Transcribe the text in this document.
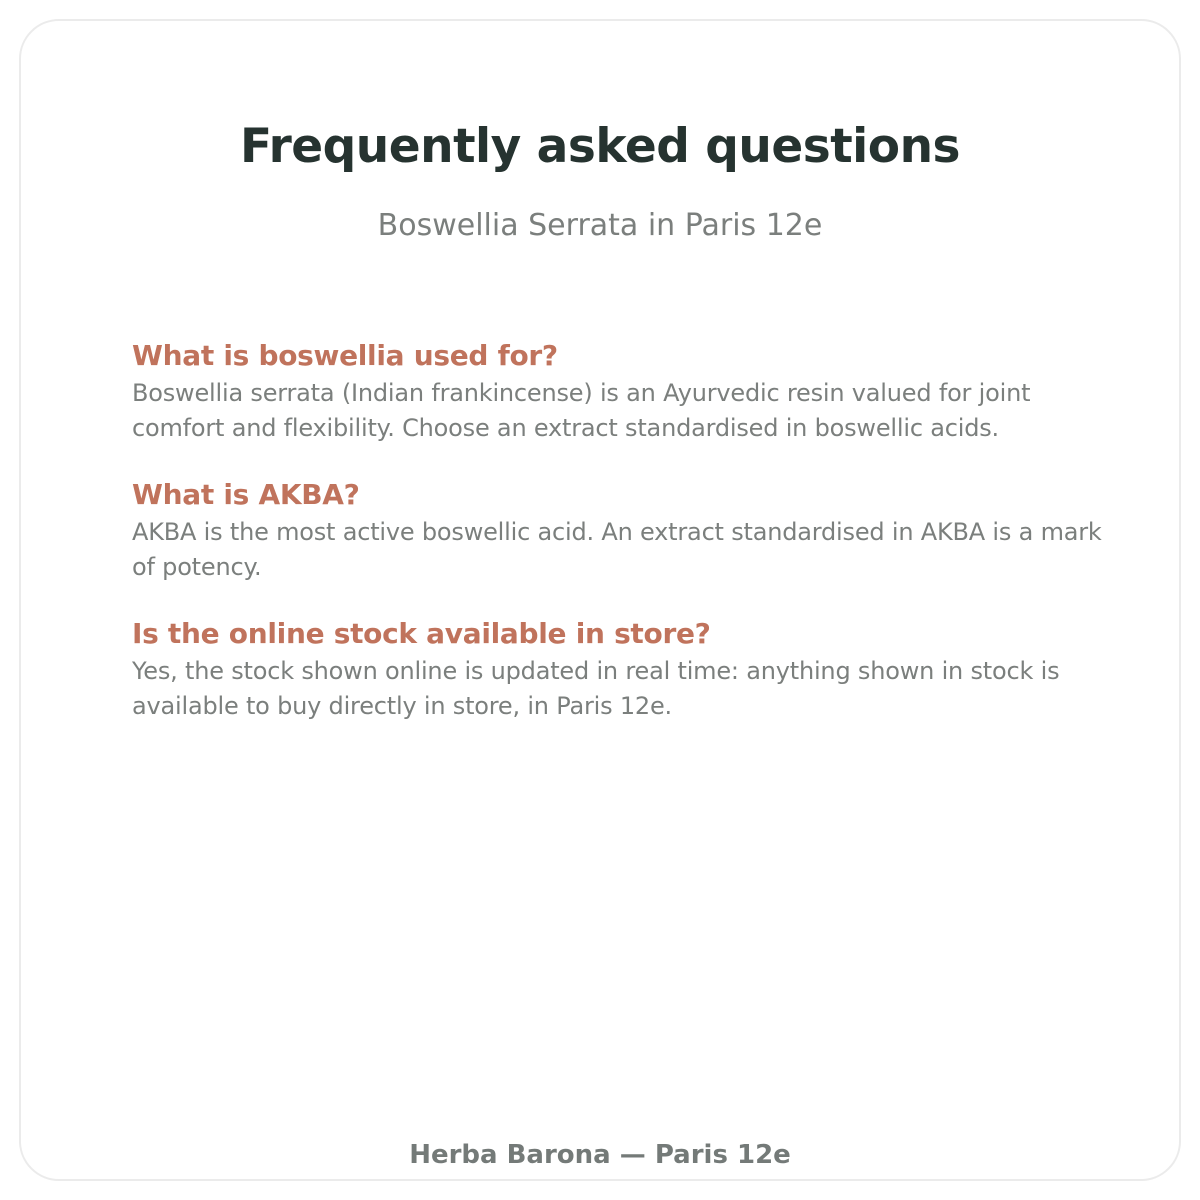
Frequently asked questions

Boswellia Serrata in Paris 12e

What is boswellia used for?

Boswellia serrata (Indian frankincense) is an Ayurvedic resin valued for joint comfort and flexibility. Choose an extract standardised in boswellic acids.

What is AKBA?

AKBA is the most active boswellic acid. An extract standardised in AKBA is a mark of potency.

Is the online stock available in store?

Yes, the stock shown online is updated in real time: anything shown in stock is available to buy directly in store, in Paris 12e.

Herba Barona — Paris 12e
